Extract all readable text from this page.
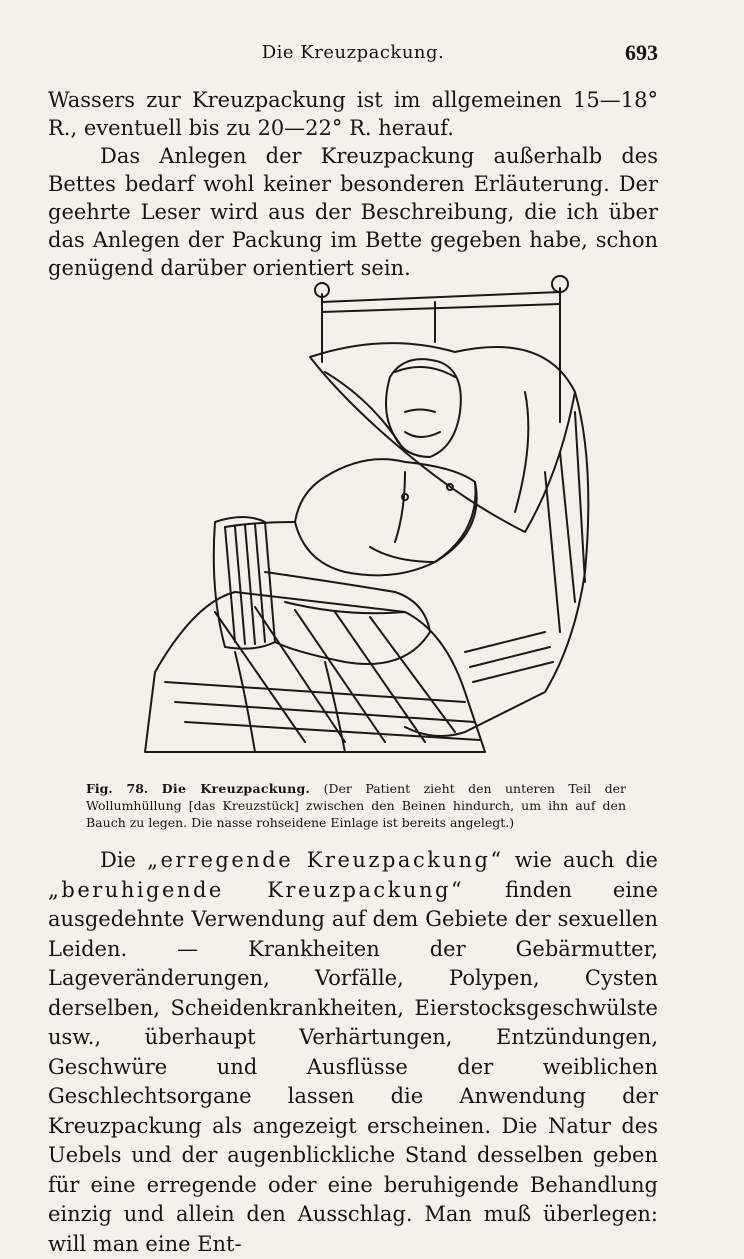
Die Kreuzpackung.	693

Wassers zur Kreuzpackung ist im allgemeinen 15—18° R., eventuell bis zu 20—22° R. herauf.

Das Anlegen der Kreuzpackung außerhalb des Bettes bedarf wohl keiner besonderen Erläuterung. Der geehrte Leser wird aus der Beschreibung, die ich über das Anlegen der Packung im Bette gegeben habe, schon genügend darüber orientiert sein.

Fig. 78. Die Kreuzpackung. (Der Patient zieht den unteren Teil der Wollumhüllung [das Kreuzstück] zwischen den Beinen hindurch, um ihn auf den Bauch zu legen. Die nasse rohseidene Einlage ist bereits angelegt.)

Die „erregende Kreuzpackung“ wie auch die „beruhigende Kreuzpackung“ finden eine ausgedehnte Verwendung auf dem Gebiete der sexuellen Leiden. — Krankheiten der Gebärmutter, Lageveränderungen, Vorfälle, Polypen, Cysten derselben, Scheidenkrankheiten, Eierstocksgeschwülste usw., überhaupt Verhärtungen, Entzündungen, Geschwüre und Ausflüsse der weiblichen Geschlechtsorgane lassen die Anwendung der Kreuzpackung als angezeigt erscheinen. Die Natur des Uebels und der augenblickliche Stand desselben geben für eine erregende oder eine beruhigende Behandlung einzig und allein den Ausschlag. Man muß überlegen: will man eine Ent-
